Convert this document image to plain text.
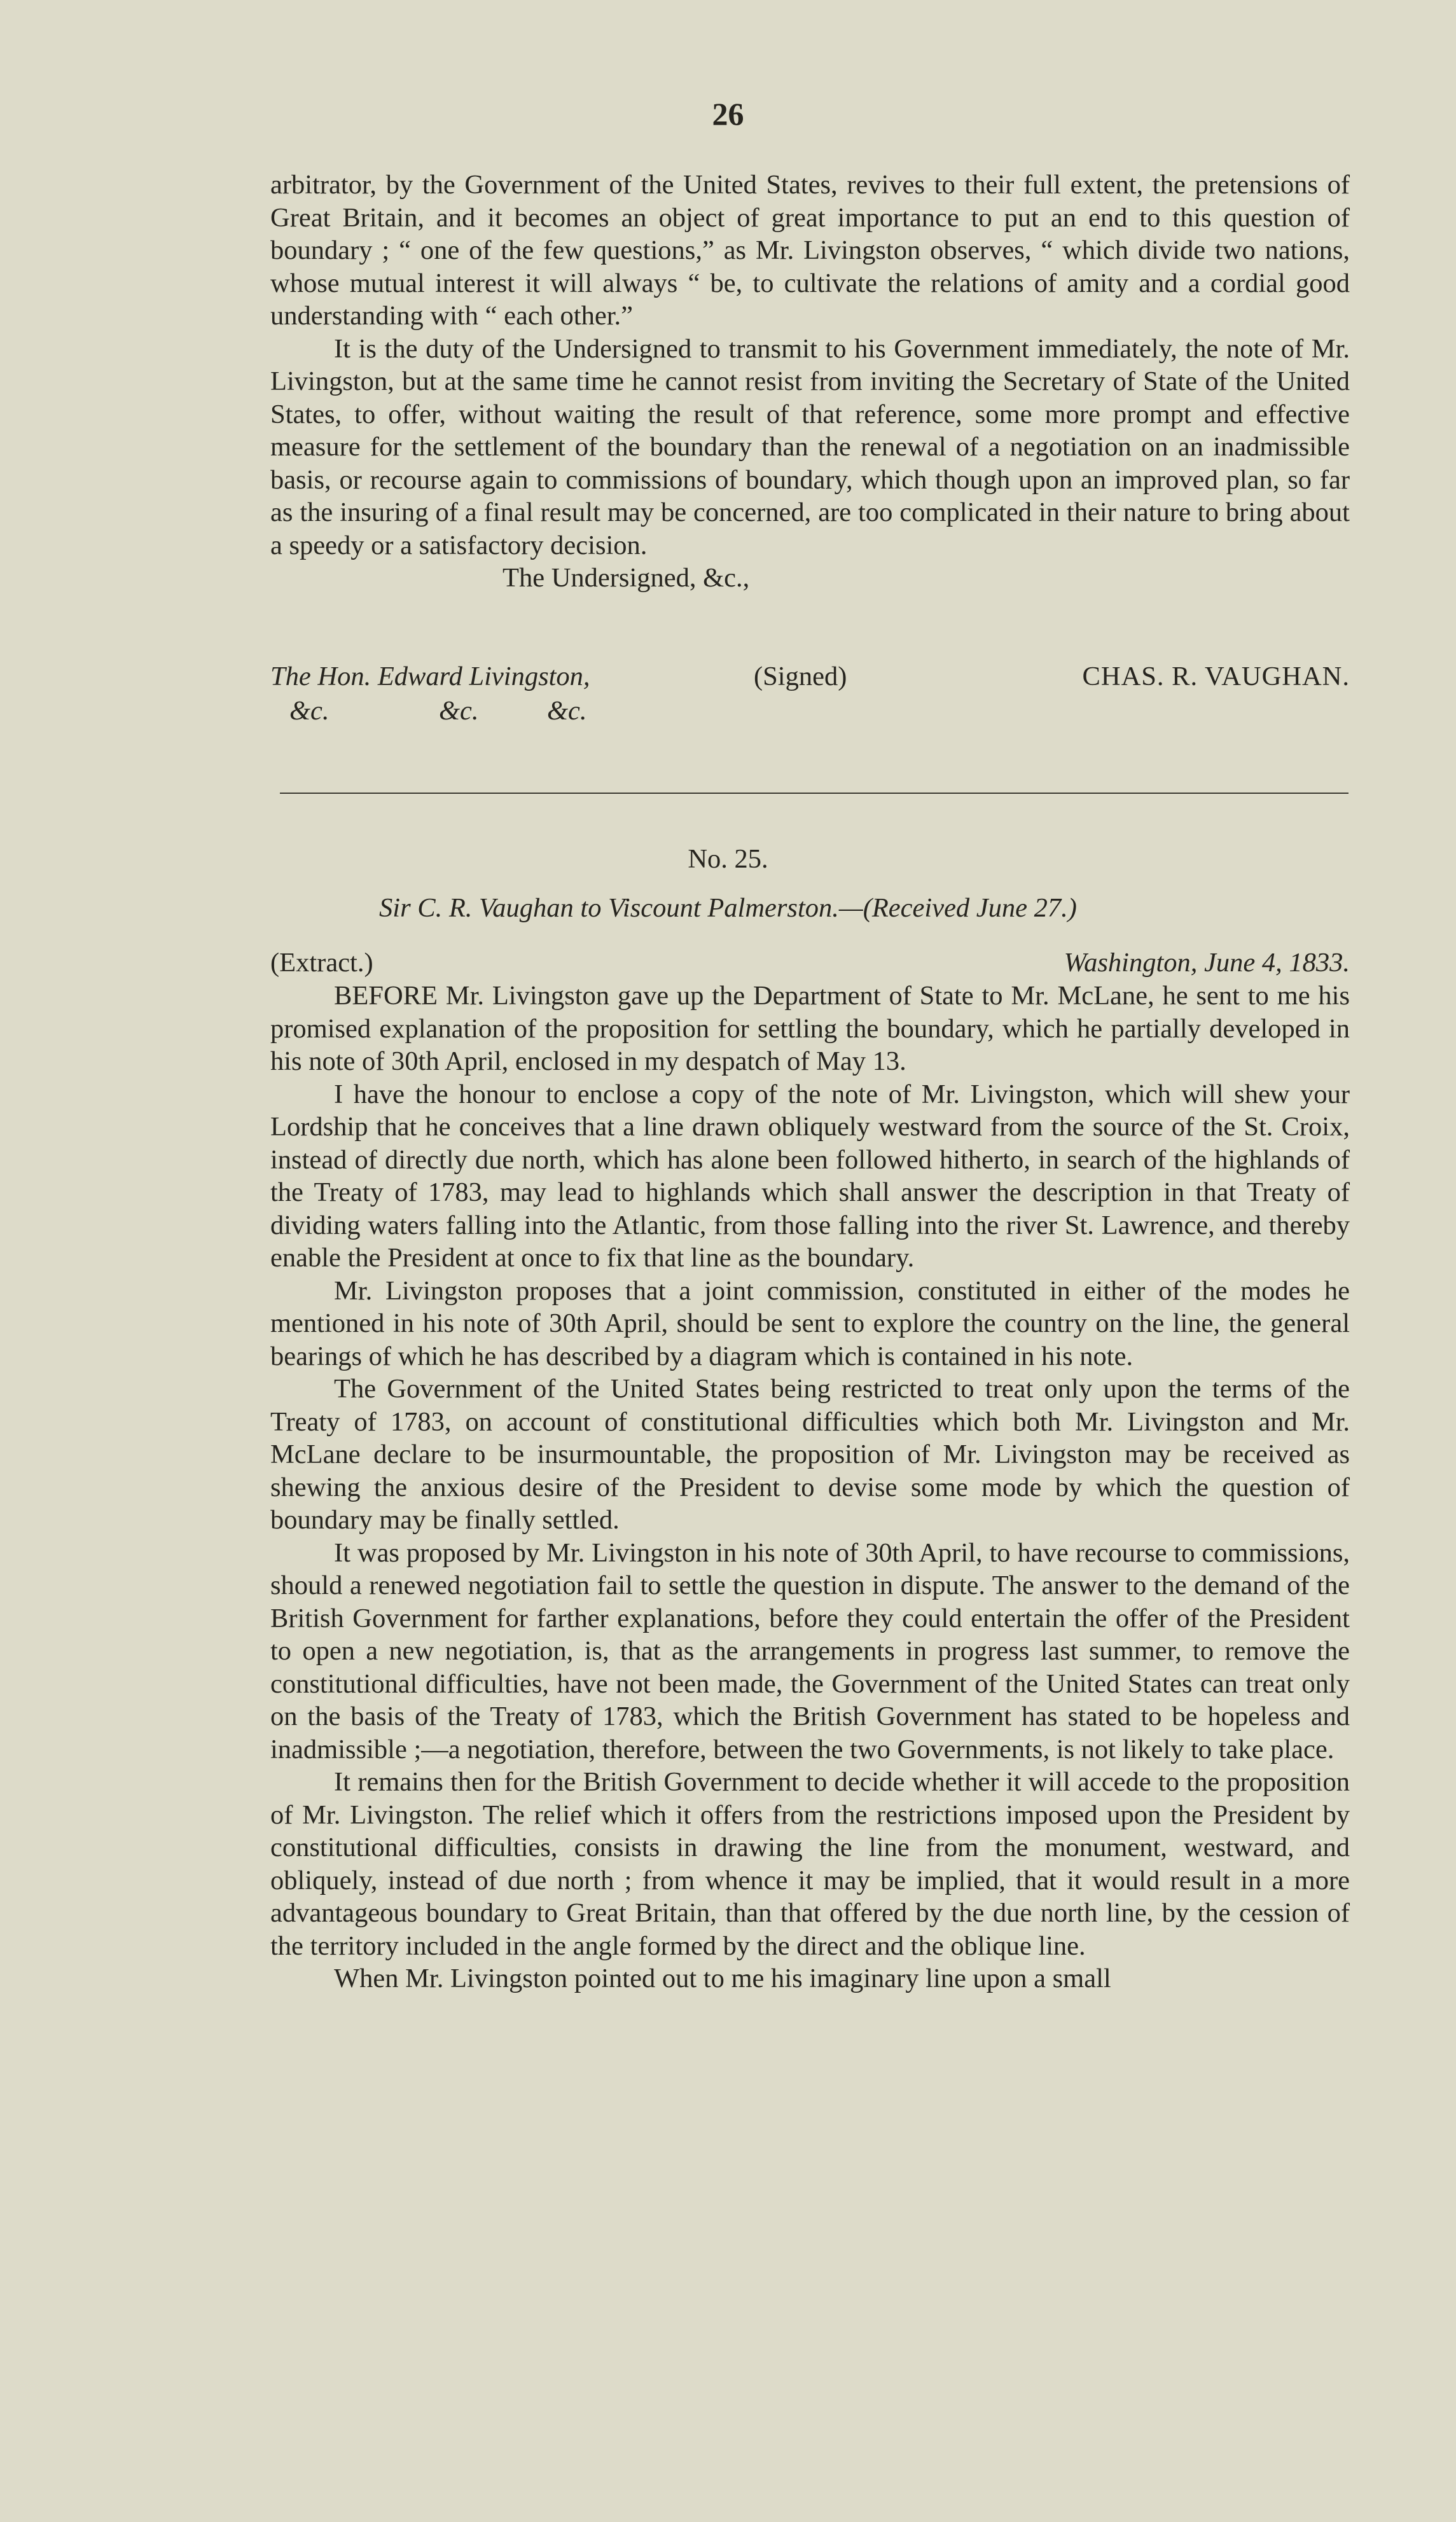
26

arbitrator, by the Government of the United States, revives to their full extent, the pretensions of Great Britain, and it becomes an object of great importance to put an end to this question of boundary ; “ one of the few questions,” as Mr. Livingston observes, “ which divide two nations, whose mutual interest it will always “ be, to cultivate the relations of amity and a cordial good understanding with “ each other.”

It is the duty of the Undersigned to transmit to his Government immediately, the note of Mr. Livingston, but at the same time he cannot resist from inviting the Secretary of State of the United States, to offer, without waiting the result of that reference, some more prompt and effective measure for the settlement of the boundary than the renewal of a negotiation on an inadmissible basis, or recourse again to commissions of boundary, which though upon an improved plan, so far as the insuring of a final result may be concerned, are too complicated in their nature to bring about a speedy or a satisfactory decision.

The Undersigned, &c.,

The Hon. Edward Livingston,	(Signed)	CHAS. R. VAUGHAN.
&c.	&c.	&c.
No. 25.
Sir C. R. Vaughan to Viscount Palmerston.—(Received June 27.)
(Extract.)	Washington, June 4, 1833.

BEFORE Mr. Livingston gave up the Department of State to Mr. McLane, he sent to me his promised explanation of the proposition for settling the boundary, which he partially developed in his note of 30th April, enclosed in my despatch of May 13.

I have the honour to enclose a copy of the note of Mr. Livingston, which will shew your Lordship that he conceives that a line drawn obliquely westward from the source of the St. Croix, instead of directly due north, which has alone been followed hitherto, in search of the highlands of the Treaty of 1783, may lead to highlands which shall answer the description in that Treaty of dividing waters falling into the Atlantic, from those falling into the river St. Lawrence, and thereby enable the President at once to fix that line as the boundary.

Mr. Livingston proposes that a joint commission, constituted in either of the modes he mentioned in his note of 30th April, should be sent to explore the country on the line, the general bearings of which he has described by a diagram which is contained in his note.

The Government of the United States being restricted to treat only upon the terms of the Treaty of 1783, on account of constitutional difficulties which both Mr. Livingston and Mr. McLane declare to be insurmountable, the proposition of Mr. Livingston may be received as shewing the anxious desire of the President to devise some mode by which the question of boundary may be finally settled.

It was proposed by Mr. Livingston in his note of 30th April, to have recourse to commissions, should a renewed negotiation fail to settle the question in dispute. The answer to the demand of the British Government for farther explanations, before they could entertain the offer of the President to open a new negotiation, is, that as the arrangements in progress last summer, to remove the constitutional difficulties, have not been made, the Government of the United States can treat only on the basis of the Treaty of 1783, which the British Government has stated to be hopeless and inadmissible ;—a negotiation, therefore, between the two Governments, is not likely to take place.

It remains then for the British Government to decide whether it will accede to the proposition of Mr. Livingston. The relief which it offers from the restrictions imposed upon the President by constitutional difficulties, consists in drawing the line from the monument, westward, and obliquely, instead of due north ; from whence it may be implied, that it would result in a more advantageous boundary to Great Britain, than that offered by the due north line, by the cession of the territory included in the angle formed by the direct and the oblique line.

When Mr. Livingston pointed out to me his imaginary line upon a small
